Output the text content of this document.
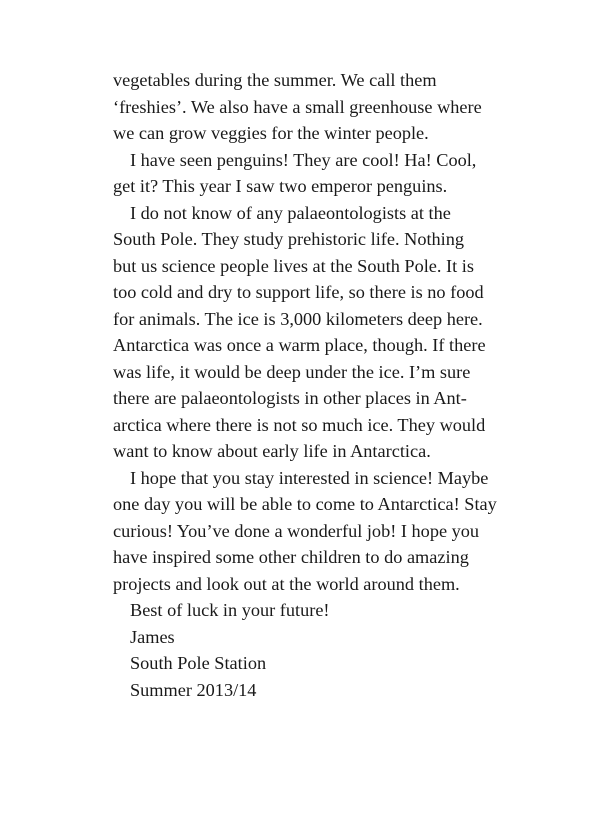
vegetables during the summer. We call them
‘freshies’. We also have a small greenhouse where
we can grow veggies for the winter people.
I have seen penguins! They are cool! Ha! Cool,
get it? This year I saw two emperor penguins.
I do not know of any palaeontologists at the
South Pole. They study prehistoric life. Nothing
but us science people lives at the South Pole. It is
too cold and dry to support life, so there is no food
for animals. The ice is 3,000 kilometers deep here.
Antarctica was once a warm place, though. If there
was life, it would be deep under the ice. I’m sure
there are palaeontologists in other places in Ant-
arctica where there is not so much ice. They would
want to know about early life in Antarctica.
I hope that you stay interested in science! Maybe
one day you will be able to come to Antarctica! Stay
curious! You’ve done a wonderful job! I hope you
have inspired some other children to do amazing
projects and look out at the world around them.
Best of luck in your future!
James
South Pole Station
Summer 2013/14
